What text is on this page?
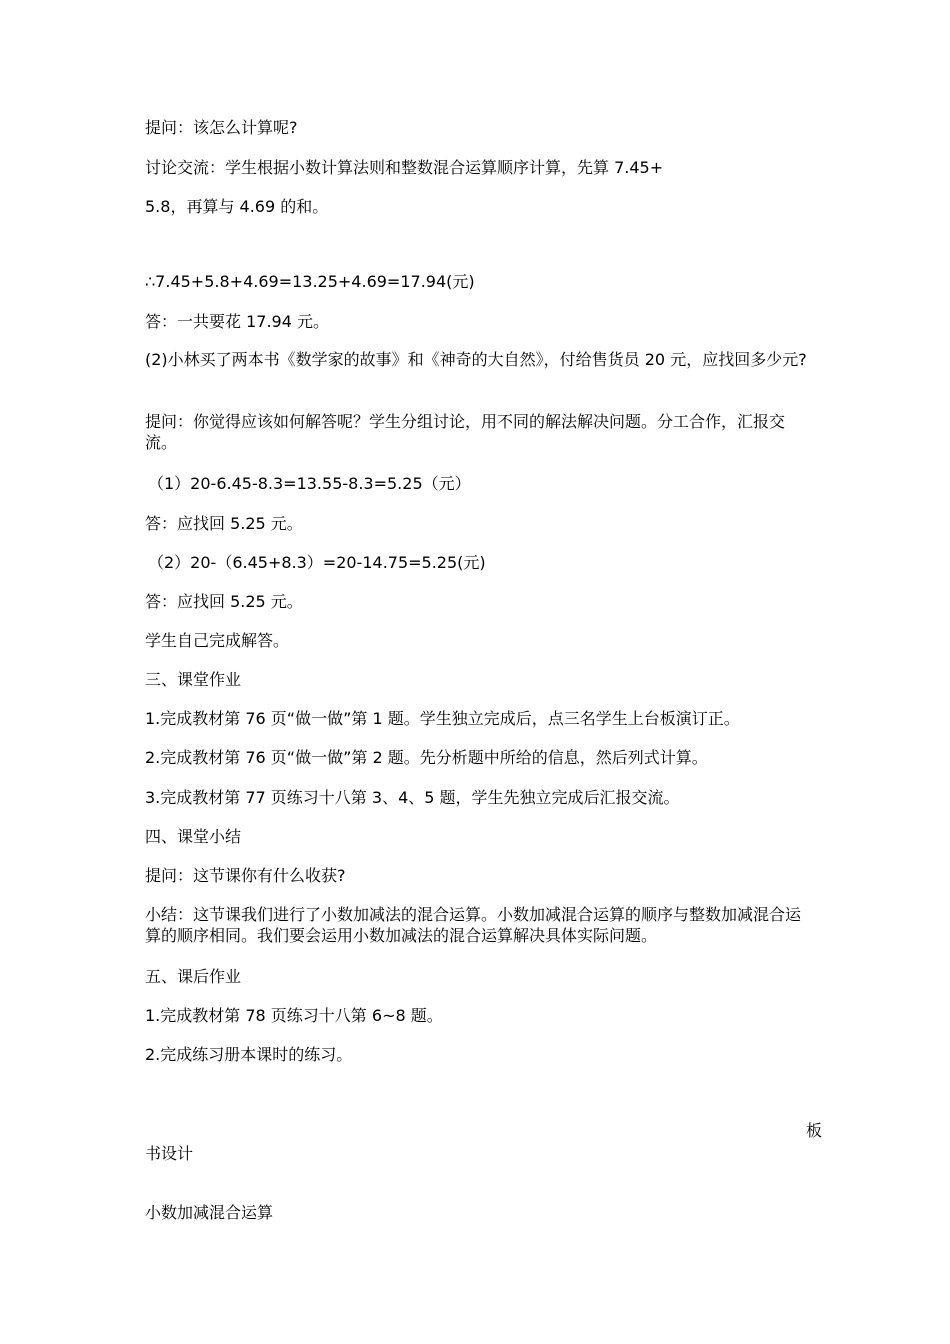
提问：该怎么计算呢?
讨论交流：学生根据小数计算法则和整数混合运算顺序计算，先算 7.45+
5.8，再算与 4.69 的和。
∴7.45+5.8+4.69=13.25+4.69=17.94(元)
答：一共要花 17.94 元。
(2)小林买了两本书《数学家的故事》和《神奇的大自然》，付给售货员 20 元，应找回多少元?
提问：你觉得应该如何解答呢？学生分组讨论，用不同的解法解决问题。分工合作，汇报交流。
（1）20-6.45-8.3=13.55-8.3=5.25（元）
答：应找回 5.25 元。
（2）20-（6.45+8.3）=20-14.75=5.25(元)
答：应找回 5.25 元。
学生自己完成解答。
三、课堂作业
1.完成教材第 76 页“做一做”第 1 题。学生独立完成后，点三名学生上台板演订正。
2.完成教材第 76 页“做一做”第 2 题。先分析题中所给的信息，然后列式计算。
3.完成教材第 77 页练习十八第 3、4、5 题，学生先独立完成后汇报交流。
四、课堂小结
提问：这节课你有什么收获?
小结：这节课我们进行了小数加减法的混合运算。小数加减混合运算的顺序与整数加减混合运算的顺序相同。我们要会运用小数加减法的混合运算解决具体实际问题。
五、课后作业
1.完成教材第 78 页练习十八第 6~8 题。
2.完成练习册本课时的练习。
板
书设计
小数加减混合运算
